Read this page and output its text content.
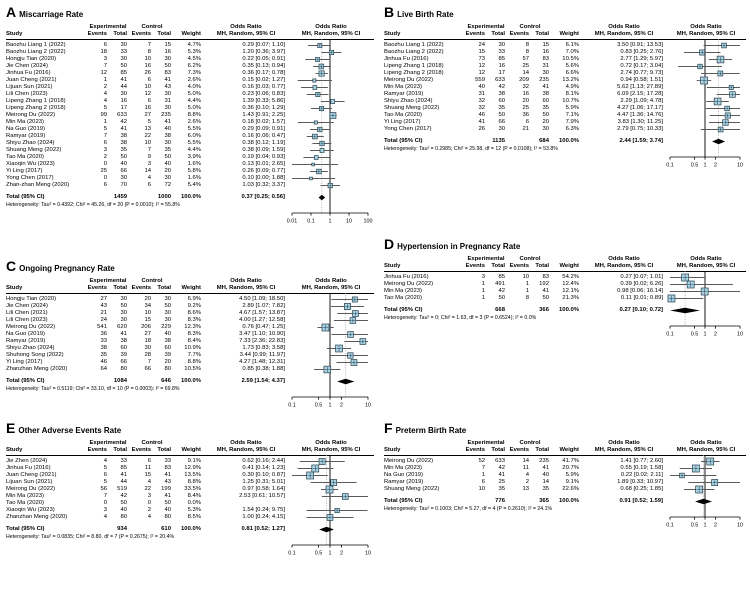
A Miscarriage Rate
Experimental	Control	Odds Ratio	Odds Ratio
Study	Events	Total Events	Total	Weight	MH, Random, 95% CI	MH, Random, 95% CI
Baozhu Liang 1 (2022)	6	30	7	15	4.7%	0.29 [0.07; 1.10]
Baozhu Liang 2 (2022)	18	33	8	16	5.3%	1.20 [0.36; 3.97]
Hongju Tian (2020)	3	30	10	30	4.5%	0.22 [0.05; 0.91]
Jie Chen (2024)	7	50	16	50	6.2%	0.35 [0.13; 0.94]
Jinhua Fu (2016)	12	85	26	83	7.3%	0.36 [0.17; 0.78]
Juan Cheng (2021)	1	41	6	41	2.6%	0.15 [0.02; 1.27]
Lijuan Sun (2021)	2	44	10	43	4.0%	0.16 [0.03; 0.77]
Lili Chen (2023)	4	30	12	30	5.0%	0.23 [0.06; 0.83]
Lipeng Zhang 1 (2018)	4	16	6	31	4.4%	1.39 [0.33; 5.86]
Lipeng Zhang 2 (2018)	5	17	16	30	5.0%	0.36 [0.10; 1.29]
Meirong Du (2022)	99	633	27	235	8.8%	1.43 [0.91; 2.25]
Min Ma (2023)	1	42	5	41	2.6%	0.18 [0.02; 1.57]
Na Guo (2019)	5	41	13	40	5.5%	0.29 [0.09; 0.91]
Ramyar (2019)	7	38	22	38	6.0%	0.16 [0.06; 0.47]
Shiyu Zhao (2024)	6	38	10	30	5.5%	0.38 [0.12; 1.19]
Shuang Meng (2022)	3	35	7	35	4.4%	0.38 [0.09; 1.59]
Tao Ma (2020)	2	50	9	50	3.9%	0.19 [0.04; 0.93]
Xiaoqin Wu (2023)	0	40	3	40	1.6%	0.13 [0.01; 2.65]
Yi Ling (2017)	25	66	14	20	5.8%	0.26 [0.09; 0.77]
Yong Chen (2017)	0	30	4	30	1.6%	0.10 [0.00; 1.88]
Zhan-zhan Meng (2020)	6	70	6	72	5.4%	1.03 [0.32; 3.37]
Total (95% CI)	1459	1000	100.0%	0.37 [0.25; 0.56]
Heterogeneity: Tau² = 0.4392; Chi² = 45.26, df = 20 (P = 0.0010); I² = 55.8%
0.01 0.1	1	10 100
C Ongoing Pregnancy Rate
Experimental	Control	Odds Ratio	Odds Ratio
Study	Events	Total Events	Total	Weight	MH, Random, 95% CI	MH, Random, 95% CI
Hongju Tian (2020)	27	30	20	30	6.9%	4.50 [1.09; 18.50]
Jie Chen (2024)	43	50	34	50	9.2%	2.89 [1.07; 7.82]
Lili Chen (2021)	21	30	10	30	8.6%	4.67 [1.57; 13.87]
Lili Chen (2023)	24	30	15	30	8.3%	4.00 [1.27; 12.58]
Meirong Du (2022)	541	620	206	229	12.3%	0.76 [0.47; 1.25]
Na Guo (2019)	36	41	27	40	8.3%	3.47 [1.10; 10.90]
Ramyar (2019)	33	38	18	38	8.4%	7.33 [2.36; 22.83]
Shiyu Zhao (2024)	38	60	30	60	10.9%	1.73 [0.83; 3.58]
Shuhong Song (2022)	35	39	28	39	7.7%	3.44 [0.99; 11.97]
Yi Ling (2017)	46	66	7	20	8.8%	4.27 [1.48; 12.31]
Zhanzhan Meng (2020)	64	80	66	80	10.5%	0.85 [0.38; 1.88]
Total (95% CI)	1084	646	100.0%	2.59 [1.54; 4.37]
Heterogeneity: Tau² = 0.5119; Chi² = 33.10, df = 10 (P = 0.0003); I² = 69.8%
0.1	0.5 1 2	10
E Other Adverse Events Rate
Experimental	Control	Odds Ratio	Odds Ratio
Study	Events	Total Events	Total	Weight	MH, Random, 95% CI	MH, Random, 95% CI
Jie Zhen (2024)	4	33	6	33	9.1%	0.62 [0.16; 2.44]
Jinhua Fu (2016)	5	85	11	83	12.9%	0.41 [0.14; 1.23]
Juan Cheng (2021)	6	41	15	41	13.5%	0.30 [0.10; 0.87]
Lijuan Sun (2021)	5	44	4	43	8.8%	1.25 [0.31; 5.01]
Meirong Du (2022)	56	519	22	199	33.5%	0.97 [0.58; 1.64]
Min Ma (2023)	7	42	3	41	8.4%	2.53 [0.61; 10.57]
Tao Ma (2020)	0	50	0	50	0.0%
Xiaoqin Wu (2023)	3	40	2	40	5.3%	1.54 [0.24; 9.75]
Zhanzhan Meng (2020)	4	80	4	80	8.5%	1.00 [0.24; 4.15]
Total (95% CI)	934	610	100.0%	0.81 [0.52; 1.27]
Heterogeneity: Tau² = 0.0835; Chi² = 8.80, df = 7 (P = 0.2675); I² = 20.4%
0.1	0.5 1 2	10
B Live Birth Rate
Experimental	Control	Odds Ratio	Odds Ratio
Study	Events	Total Events	Total	Weight	MH, Random, 95% CI	MH, Random, 95% CI
Baozhu Liang 1 (2022)	24	30	8	15	6.1%	3.50 [0.91; 13.53]
Baozhu Liang 2 (2022)	15	33	8	16	7.0%	0.83 [0.25; 2.76]
Jinhua Fu (2016)	73	85	57	83	10.5%	2.77 [1.29; 5.97]
Lipeng Zhang 1 (2018)	12	16	25	31	5.6%	0.72 [0.17; 3.04]
Lipeng Zhang 2 (2018)	12	17	14	30	6.6%	2.74 [0.77; 9.73]
Meirong Du (2022)	559	633	209	235	13.2%	0.94 [0.58; 1.51]
Min Ma (2023)	40	42	32	41	4.9%	5.62 [1.13; 27.89]
Ramyar (2019)	31	38	16	38	8.1%	6.09 [2.15; 17.28]
Shiyu Zhao (2024)	32	60	20	60	10.7%	2.29 [1.09; 4.78]
Shuang Meng (2022)	32	35	25	35	5.9%	4.27 [1.06; 17.17]
Tao Ma (2020)	46	50	36	50	7.1%	4.47 [1.36; 14.76]
Yi Ling (2017)	41	66	6	20	7.9%	3.83 [1.30; 11.25]
Yong Chen (2017)	26	30	21	30	6.3%	2.79 [0.75; 10.33]
Total (95% CI)	1135	684	100.0%	2.44 [1.59; 3.74]
Heterogeneity: Tau² = 0.2985; Chi² = 25.98, df = 12 (P = 0.0108); I² = 53.8%
0.1	0.5 1 2	10
D Hypertension in Pregnancy Rate
Experimental	Control	Odds Ratio	Odds Ratio
Study	Events	Total Events	Total	Weight	MH, Random, 95% CI	MH, Random, 95% CI
Jinhua Fu (2016)	3	85	10	83	54.2%	0.27 [0.07; 1.01]
Meirong Du (2022)	1	491	1	192	12.4%	0.39 [0.02; 6.26]
Min Ma (2023)	1	42	1	41	12.1%	0.98 [0.06; 16.14]
Tao Ma (2020)	1	50	8	50	21.3%	0.11 [0.01; 0.89]
Total (95% CI)	668	366	100.0%	0.27 [0.10; 0.72]
Heterogeneity: Tau² = 0; Chi² = 1.63, df = 3 (P = 0.6524); I² = 0.0%
0.1	0.5 1 2	10
F Preterm Birth Rate
Experimental	Control	Odds Ratio	Odds Ratio
Study	Events	Total Events	Total	Weight	MH, Random, 95% CI	MH, Random, 95% CI
Meirong Du (2022)	52	633	14	235	41.7%	1.41 [0.77; 2.60]
Min Ma (2023)	7	42	11	41	20.7%	0.55 [0.19; 1.58]
Na Guo (2019)	1	41	4	40	5.9%	0.22 [0.02; 2.11]
Ramyar (2019)	6	25	2	14	9.1%	1.89 [0.33; 10.97]
Shuang Meng (2022)	10	35	13	35	22.6%	0.68 [0.25; 1.85]
Total (95% CI)	776	365	100.0%	0.91 [0.52; 1.59]
Heterogeneity: Tau² = 0.1003; Chi² = 5.27, df = 4 (P = 0.2610); I² = 24.1%
0.1	0.5 1 2	10
